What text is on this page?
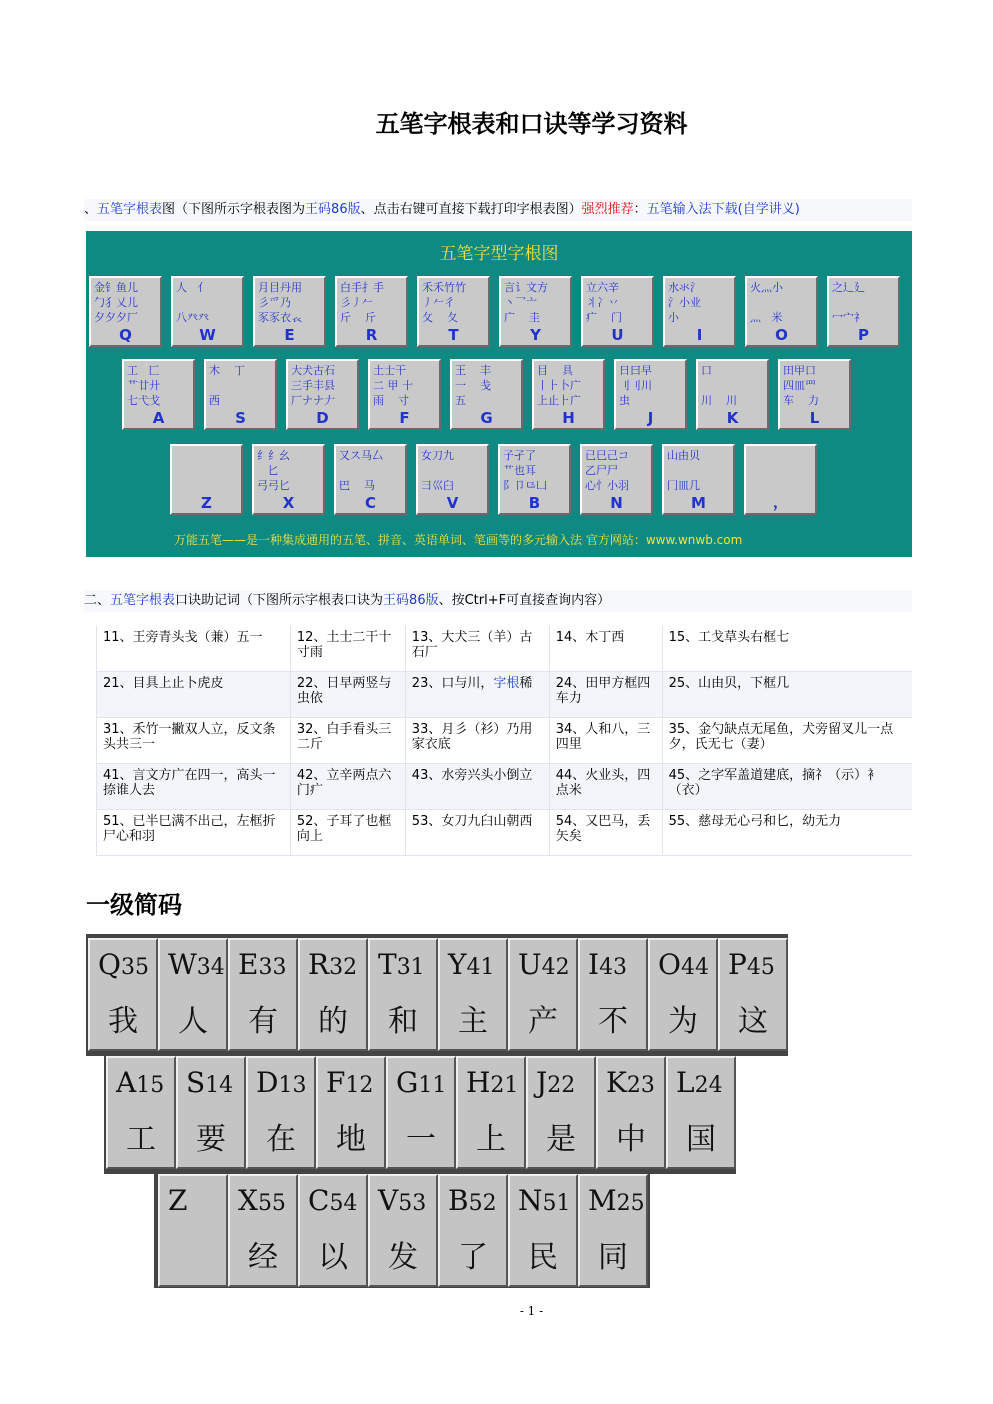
五笔字根表和口诀等学习资料
、五笔字根表图（下图所示字根表图为王码86版、点击右键可直接下载打印字根表图）强烈推荐：五笔输入法下载(自学讲义)
五笔字型字根图
金钅鱼儿
勹犭乂儿
夕夕夕厂
Q
人   亻

八癶癶
W
月目丹用
彡爫乃
豕豕衣𧘇
E
白手扌手
彡丿𠂉
斤    斤
R
禾禾竹竹
丿𠂉彳
攵    夂
T
言讠文方
丶乛亠
广    圭
Y
立六辛
丬冫丷
疒    门
U
水氺氵
氵小业
小
I
火灬小

灬   米
O
之辶廴

冖宀礻
P
工   匚
艹廿廾
七弋戈
A
木    丁

西
S
大犬古石
三手丰县
厂ナナ𠂇
D
土士干
二 甲 十
雨    寸
F
王    丰
一    戋
五
G
目    具
丨⺊卜广
上止⺊广
H
日曰早
刂刂川
虫
J
口

川    川
K
田甲口
四皿罒
车    力
L
Z
纟纟幺
匕
弓弓匕
X
又ス马厶

巴    马
C
女刀九

彐巛臼
V
子孑了
⺾也耳
阝卩⺋凵
B
已巳己コ
乙尸尸
心忄小羽
N
山由贝

冂皿几
M	，
万能五笔——是一种集成通用的五笔、拼音、英语单词、笔画等的多元输入法 官方网站：www.wnwb.com
二、五笔字根表口诀助记词（下图所示字根表口诀为王码86版、按Ctrl+F可直接查询内容）
11、王旁青头戋（兼）五一	12、土士二干十寸雨	13、大犬三（羊）古石厂	14、木丁西	15、工戈草头右框七
21、目具上止卜虎皮	22、日早两竖与虫依	23、口与川，字根稀	24、田甲方框四车力	25、山由贝，下框几
31、禾竹一撇双人立，反文条头共三一	32、白手看头三二斤	33、月彡（衫）乃用家衣底	34、人和八，三四里	35、金勺缺点无尾鱼，犬旁留叉儿一点夕，氏无七（妻）
41、言文方广在四一，高头一捺谁人去	42、立辛两点六门疒	43、水旁兴头小倒立	44、火业头，四点米	45、之字军盖道建底，摘礻（示）衤（衣）
51、已半巳满不出己，左框折尸心和羽	52、子耳了也框向上	53、女刀九臼山朝西	54、又巴马，丢矢矣	55、慈母无心弓和匕，幼无力
一级简码
Q35
我
W34
人
E33
有
R32
的
T31
和
Y41
主
U42
产
I43
不
O44
为
P45
这
A15
工
S14
要
D13
在
F12
地
G11
一
H21
上
J22
是
K23
中
L24
国
Z X55
经
C54
以
V53
发
B52
了
N51
民
M25
同
- 1 -
